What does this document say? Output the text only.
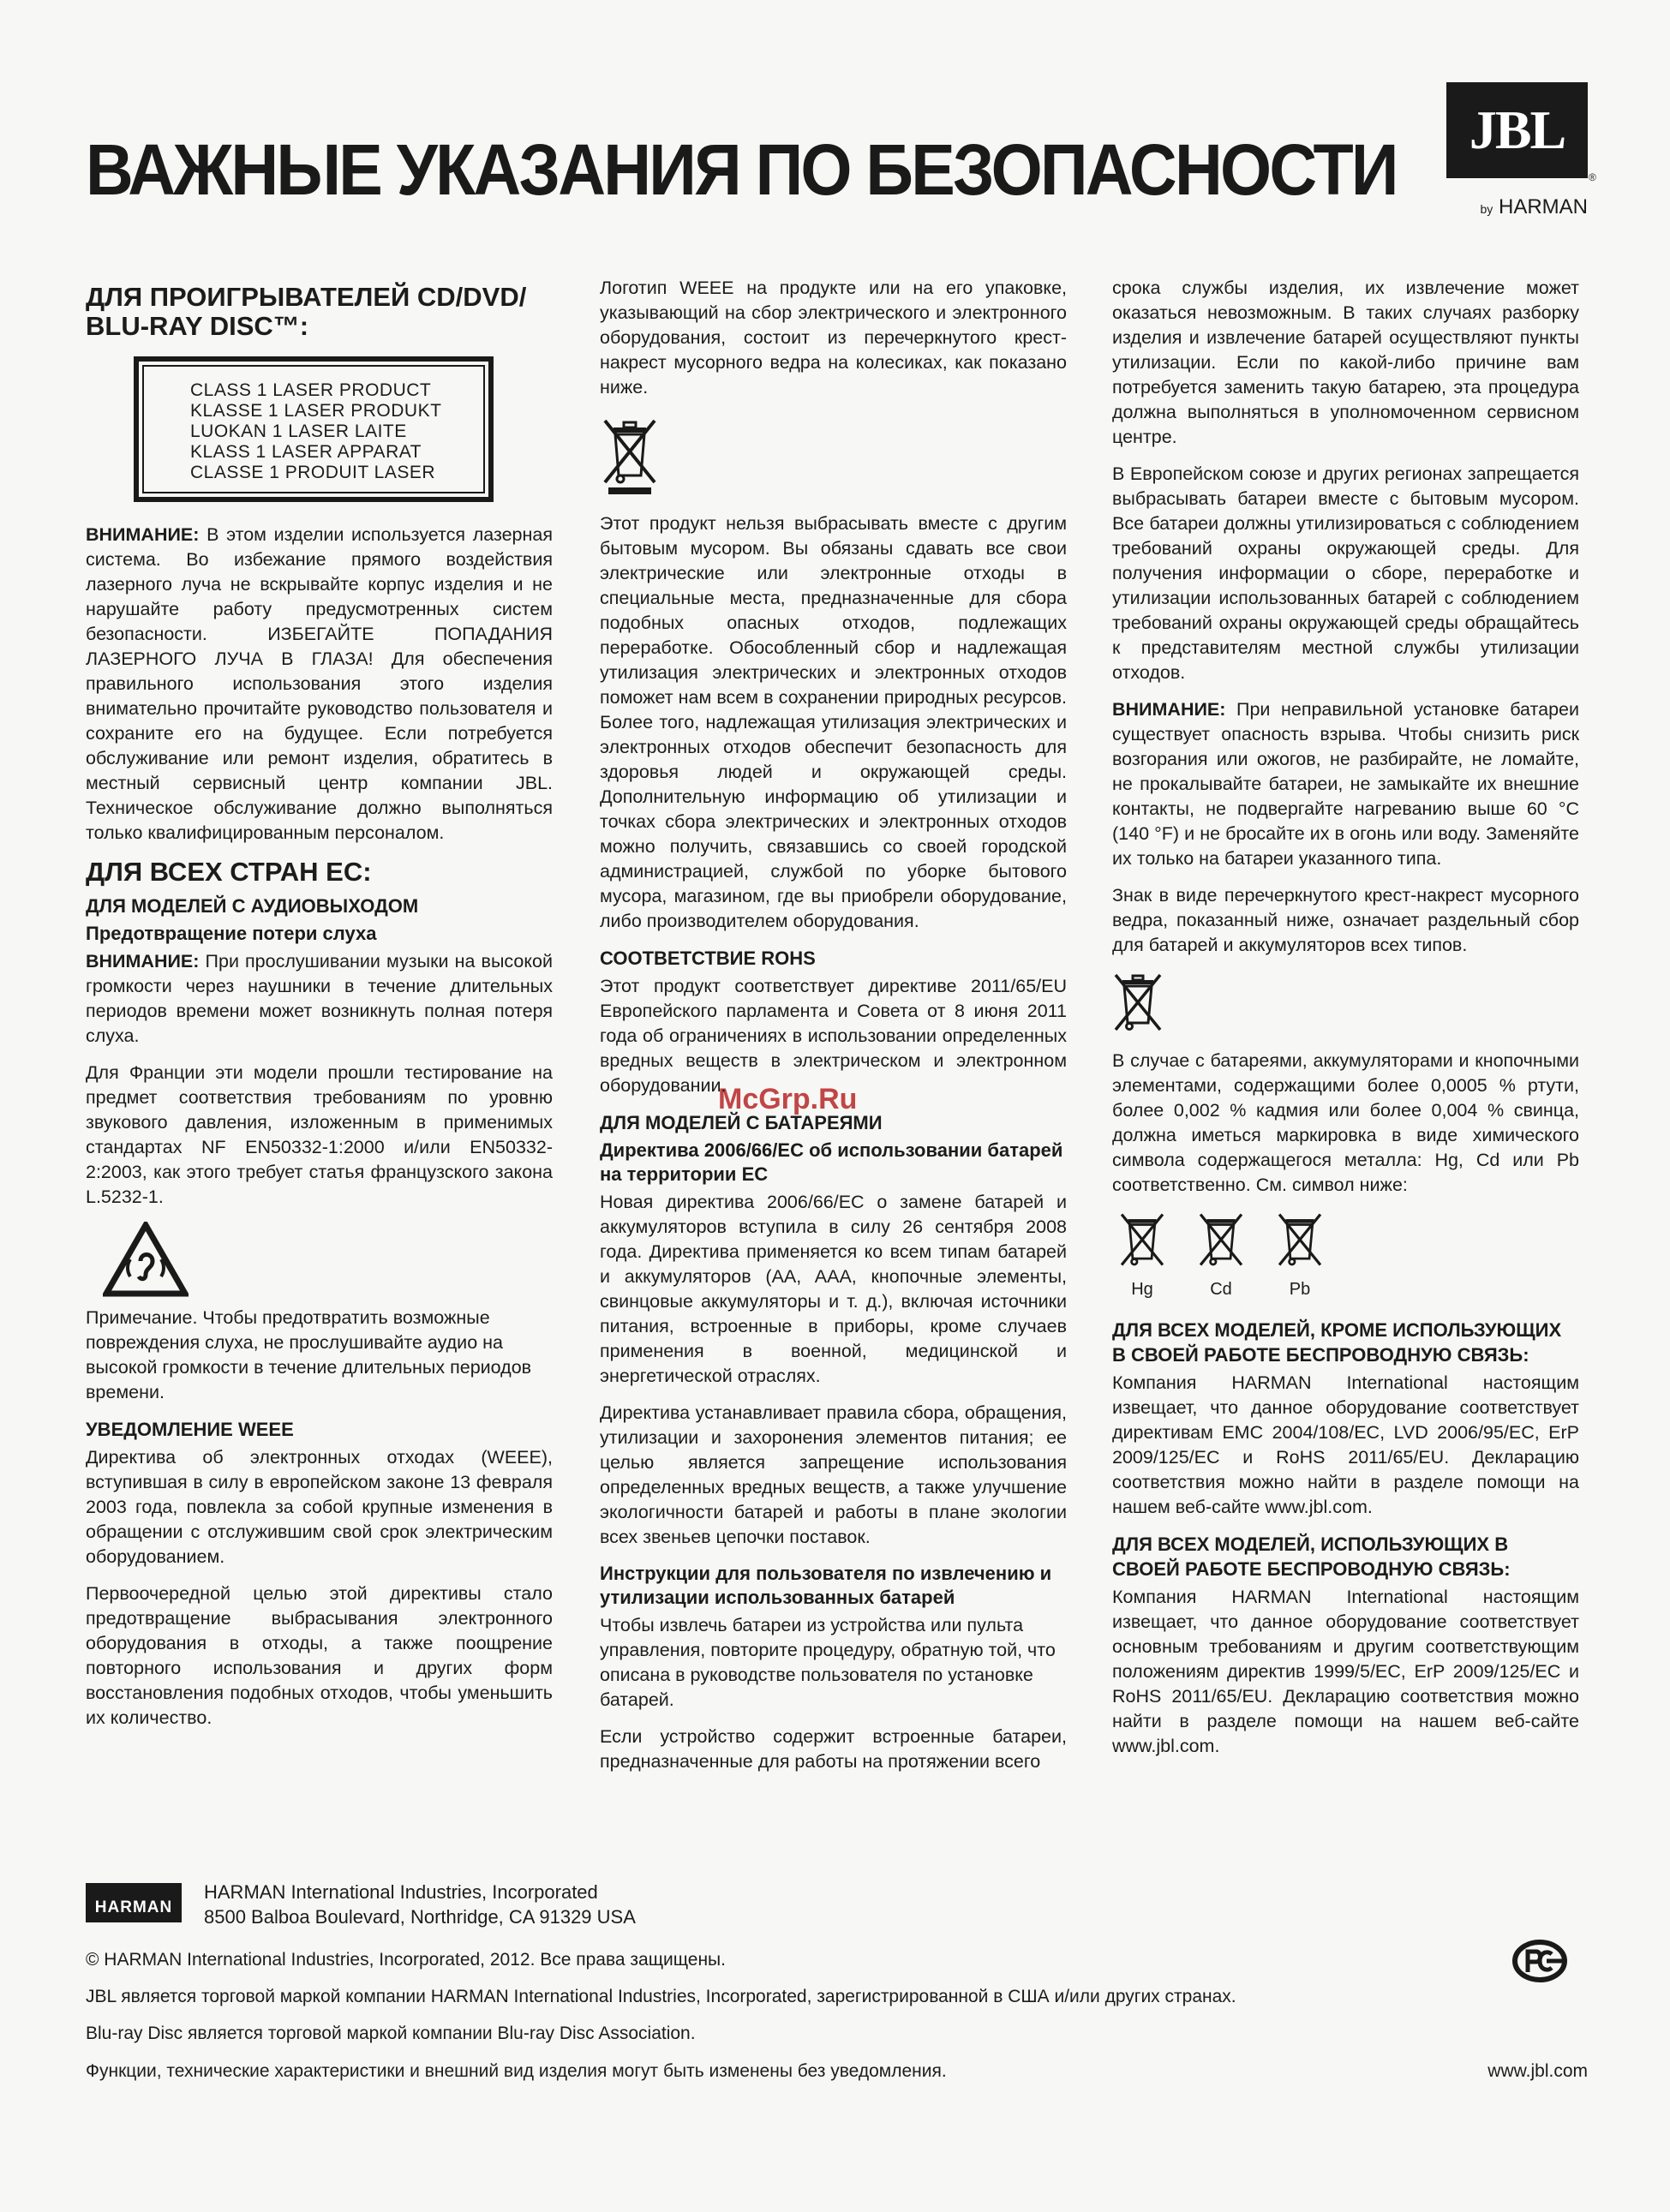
ВАЖНЫЕ УКАЗАНИЯ ПО БЕЗОПАСНОСТИ	JBL
®
by HARMAN
McGrp.Ru
ДЛЯ ПРОИГРЫВАТЕЛЕЙ CD/DVD/ BLU-RAY DISC™:
CLASS 1 LASER PRODUCT
KLASSE 1 LASER PRODUKT
LUOKAN 1 LASER LAITE
KLASS 1 LASER APPARAT
CLASSE 1 PRODUIT LASER

ВНИМАНИЕ: В этом изделии используется лазерная система. Во избежание прямого воздействия лазерного луча не вскрывайте корпус изделия и не нарушайте работу предусмотренных систем безопасности. ИЗБЕГАЙТЕ ПОПАДАНИЯ ЛАЗЕРНОГО ЛУЧА В ГЛАЗА! Для обеспечения правильного использования этого изделия внимательно прочитайте руководство пользователя и сохраните его на будущее. Если потребуется обслуживание или ремонт изделия, обратитесь в местный сервисный центр компании JBL. Техническое обслуживание должно выполняться только квалифицированным персоналом.

ДЛЯ ВСЕХ СТРАН ЕС:
ДЛЯ МОДЕЛЕЙ С АУДИОВЫХОДОМ
Предотвращение потери слуха

ВНИМАНИЕ: При прослушивании музыки на высокой громкости через наушники в течение длительных периодов времени может возникнуть полная потеря слуха.

Для Франции эти модели прошли тестирование на предмет соответствия требованиям по уровню звукового давления, изложенным в применимых стандартах NF EN50332-1:2000 и/или EN50332-2:2003, как этого требует статья французского закона L.5232-1.

Примечание. Чтобы предотвратить возможные повреждения слуха, не прослушивайте аудио на высокой громкости в течение длительных периодов времени.

УВЕДОМЛЕНИЕ WEEE

Директива об электронных отходах (WEEE), вступившая в силу в европейском законе 13 февраля 2003 года, повлекла за собой крупные изменения в обращении с отслужившим свой срок электрическим оборудованием.

Первоочередной целью этой директивы стало предотвращение выбрасывания электронного оборудования в отходы, а также поощрение повторного использования и других форм восстановления подобных отходов, чтобы уменьшить их количество.

Логотип WEEE на продукте или на его упаковке, указывающий на сбор электрического и электронного оборудования, состоит из перечеркнутого крест-накрест мусорного ведра на колесиках, как показано ниже.

Этот продукт нельзя выбрасывать вместе с другим бытовым мусором. Вы обязаны сдавать все свои электрические или электронные отходы в специальные места, предназначенные для сбора подобных опасных отходов, подлежащих переработке. Обособленный сбор и надлежащая утилизация электрических и электронных отходов поможет нам всем в сохранении природных ресурсов. Более того, надлежащая утилизация электрических и электронных отходов обеспечит безопасность для здоровья людей и окружающей среды. Дополнительную информацию об утилизации и точках сбора электрических и электронных отходов можно получить, связавшись со своей городской администрацией, службой по уборке бытового мусора, магазином, где вы приобрели оборудование, либо производителем оборудования.

СООТВЕТСТВИЕ ROHS

Этот продукт соответствует директиве 2011/65/EU Европейского парламента и Совета от 8 июня 2011 года об ограничениях в использовании определенных вредных веществ в электрическом и электронном оборудовании.

ДЛЯ МОДЕЛЕЙ С БАТАРЕЯМИ
Директива 2006/66/EC об использовании батарей на территории ЕС

Новая директива 2006/66/EC о замене батарей и аккумуляторов вступила в силу 26 сентября 2008 года. Директива применяется ко всем типам батарей и аккумуляторов (AA, AAA, кнопочные элементы, свинцовые аккумуляторы и т. д.), включая источники питания, встроенные в приборы, кроме случаев применения в военной, медицинской и энергетической отраслях.

Директива устанавливает правила сбора, обращения, утилизации и захоронения элементов питания; ее целью является запрещение использования определенных вредных веществ, а также улучшение экологичности батарей и работы в плане экологии всех звеньев цепочки поставок.

Инструкции для пользователя по извлечению и утилизации использованных батарей

Чтобы извлечь батареи из устройства или пульта управления, повторите процедуру, обратную той, что описана в руководстве пользователя по установке батарей.

Если устройство содержит встроенные батареи, предназначенные для работы на протяжении всего

срока службы изделия, их извлечение может оказаться невозможным. В таких случаях разборку изделия и извлечение батарей осуществляют пункты утилизации. Если по какой-либо причине вам потребуется заменить такую батарею, эта процедура должна выполняться в уполномоченном сервисном центре.

В Европейском союзе и других регионах запрещается выбрасывать батареи вместе с бытовым мусором. Все батареи должны утилизироваться с соблюдением требований охраны окружающей среды. Для получения информации о сборе, переработке и утилизации использованных батарей с соблюдением требований охраны окружающей среды обращайтесь к представителям местной службы утилизации отходов.

ВНИМАНИЕ: При неправильной установке батареи существует опасность взрыва. Чтобы снизить риск возгорания или ожогов, не разбирайте, не ломайте, не прокалывайте батареи, не замыкайте их внешние контакты, не подвергайте нагреванию выше 60 °C (140 °F) и не бросайте их в огонь или воду. Заменяйте их только на батареи указанного типа.

Знак в виде перечеркнутого крест-накрест мусорного ведра, показанный ниже, означает раздельный сбор для батарей и аккумуляторов всех типов.

В случае с батареями, аккумуляторами и кнопочными элементами, содержащими более 0,0005 % ртути, более 0,002 % кадмия или более 0,004 % свинца, должна иметься маркировка в виде химического символа содержащегося металла: Hg, Cd или Pb соответственно. См. символ ниже:

Hg	Cd	Pb
ДЛЯ ВСЕХ МОДЕЛЕЙ, КРОМЕ ИСПОЛЬЗУЮЩИХ В СВОЕЙ РАБОТЕ БЕСПРОВОДНУЮ СВЯЗЬ:

Компания HARMAN International настоящим извещает, что данное оборудование соответствует директивам EMC 2004/108/EC, LVD 2006/95/EC, ErP 2009/125/EC и RoHS 2011/65/EU. Декларацию соответствия можно найти в разделе помощи на нашем веб-сайте www.jbl.com.

ДЛЯ ВСЕХ МОДЕЛЕЙ, ИСПОЛЬЗУЮЩИХ В СВОЕЙ РАБОТЕ БЕСПРОВОДНУЮ СВЯЗЬ:

Компания HARMAN International настоящим извещает, что данное оборудование соответствует основным требованиям и другим соответствующим положениям директив 1999/5/EC, ErP 2009/125/EC и RoHS 2011/65/EU. Декларацию соответствия можно найти в разделе помощи на нашем веб-сайте www.jbl.com.

HARMAN
HARMAN International Industries, Incorporated
8500 Balboa Boulevard, Northridge, CA 91329 USA
© HARMAN International Industries, Incorporated, 2012. Все права защищены.
JBL является торговой маркой компании HARMAN International Industries, Incorporated, зарегистрированной в США и/или других странах.
Blu-ray Disc является торговой маркой компании Blu-ray Disc Association.
Функции, технические характеристики и внешний вид изделия могут быть изменены без уведомления.	www.jbl.com
